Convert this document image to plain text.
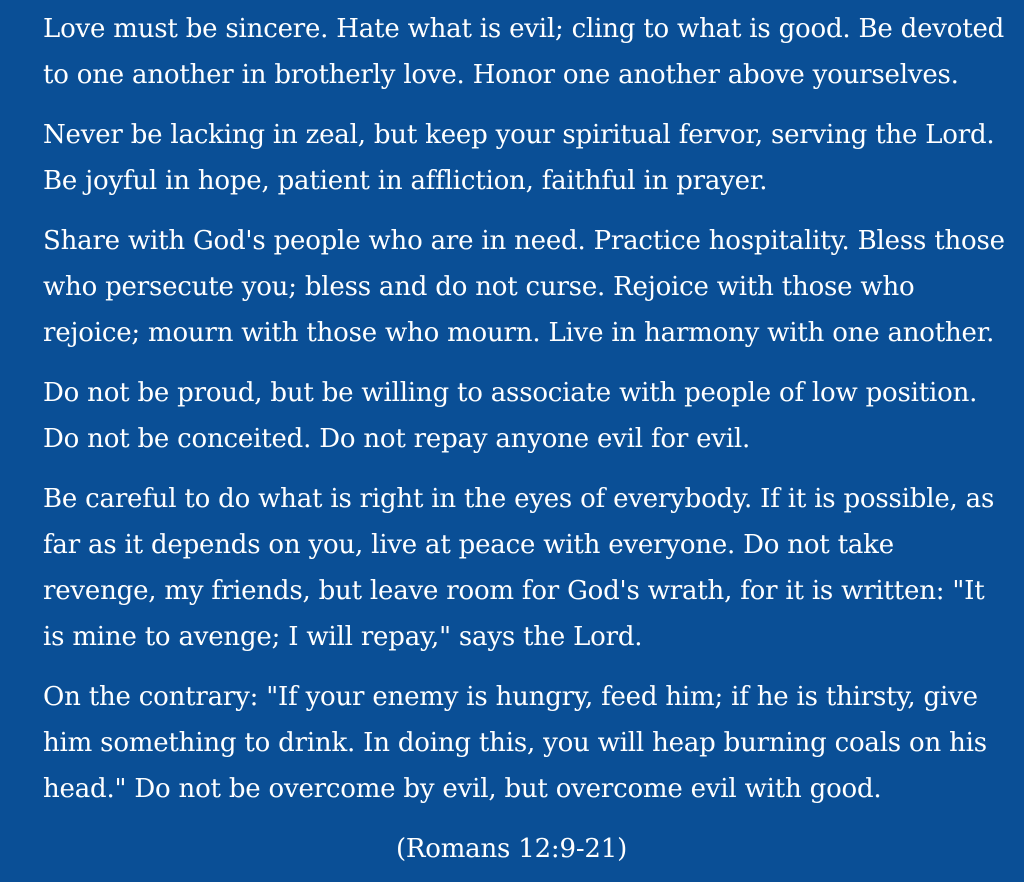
Love must be sincere. Hate what is evil; cling to what is good. Be devoted to one another in brotherly love. Honor one another above yourselves.

Never be lacking in zeal, but keep your spiritual fervor, serving the Lord. Be joyful in hope, patient in affliction, faithful in prayer.

Share with God's people who are in need. Practice hospitality. Bless those who persecute you; bless and do not curse. Rejoice with those who rejoice; mourn with those who mourn. Live in harmony with one another.

Do not be proud, but be willing to associate with people of low position. Do not be conceited. Do not repay anyone evil for evil.

Be careful to do what is right in the eyes of everybody. If it is possible, as far as it depends on you, live at peace with everyone. Do not take revenge, my friends, but leave room for God's wrath, for it is written: "It is mine to avenge; I will repay," says the Lord.

On the contrary: "If your enemy is hungry, feed him; if he is thirsty, give him something to drink. In doing this, you will heap burning coals on his head." Do not be overcome by evil, but overcome evil with good.

(Romans 12:9-21)
